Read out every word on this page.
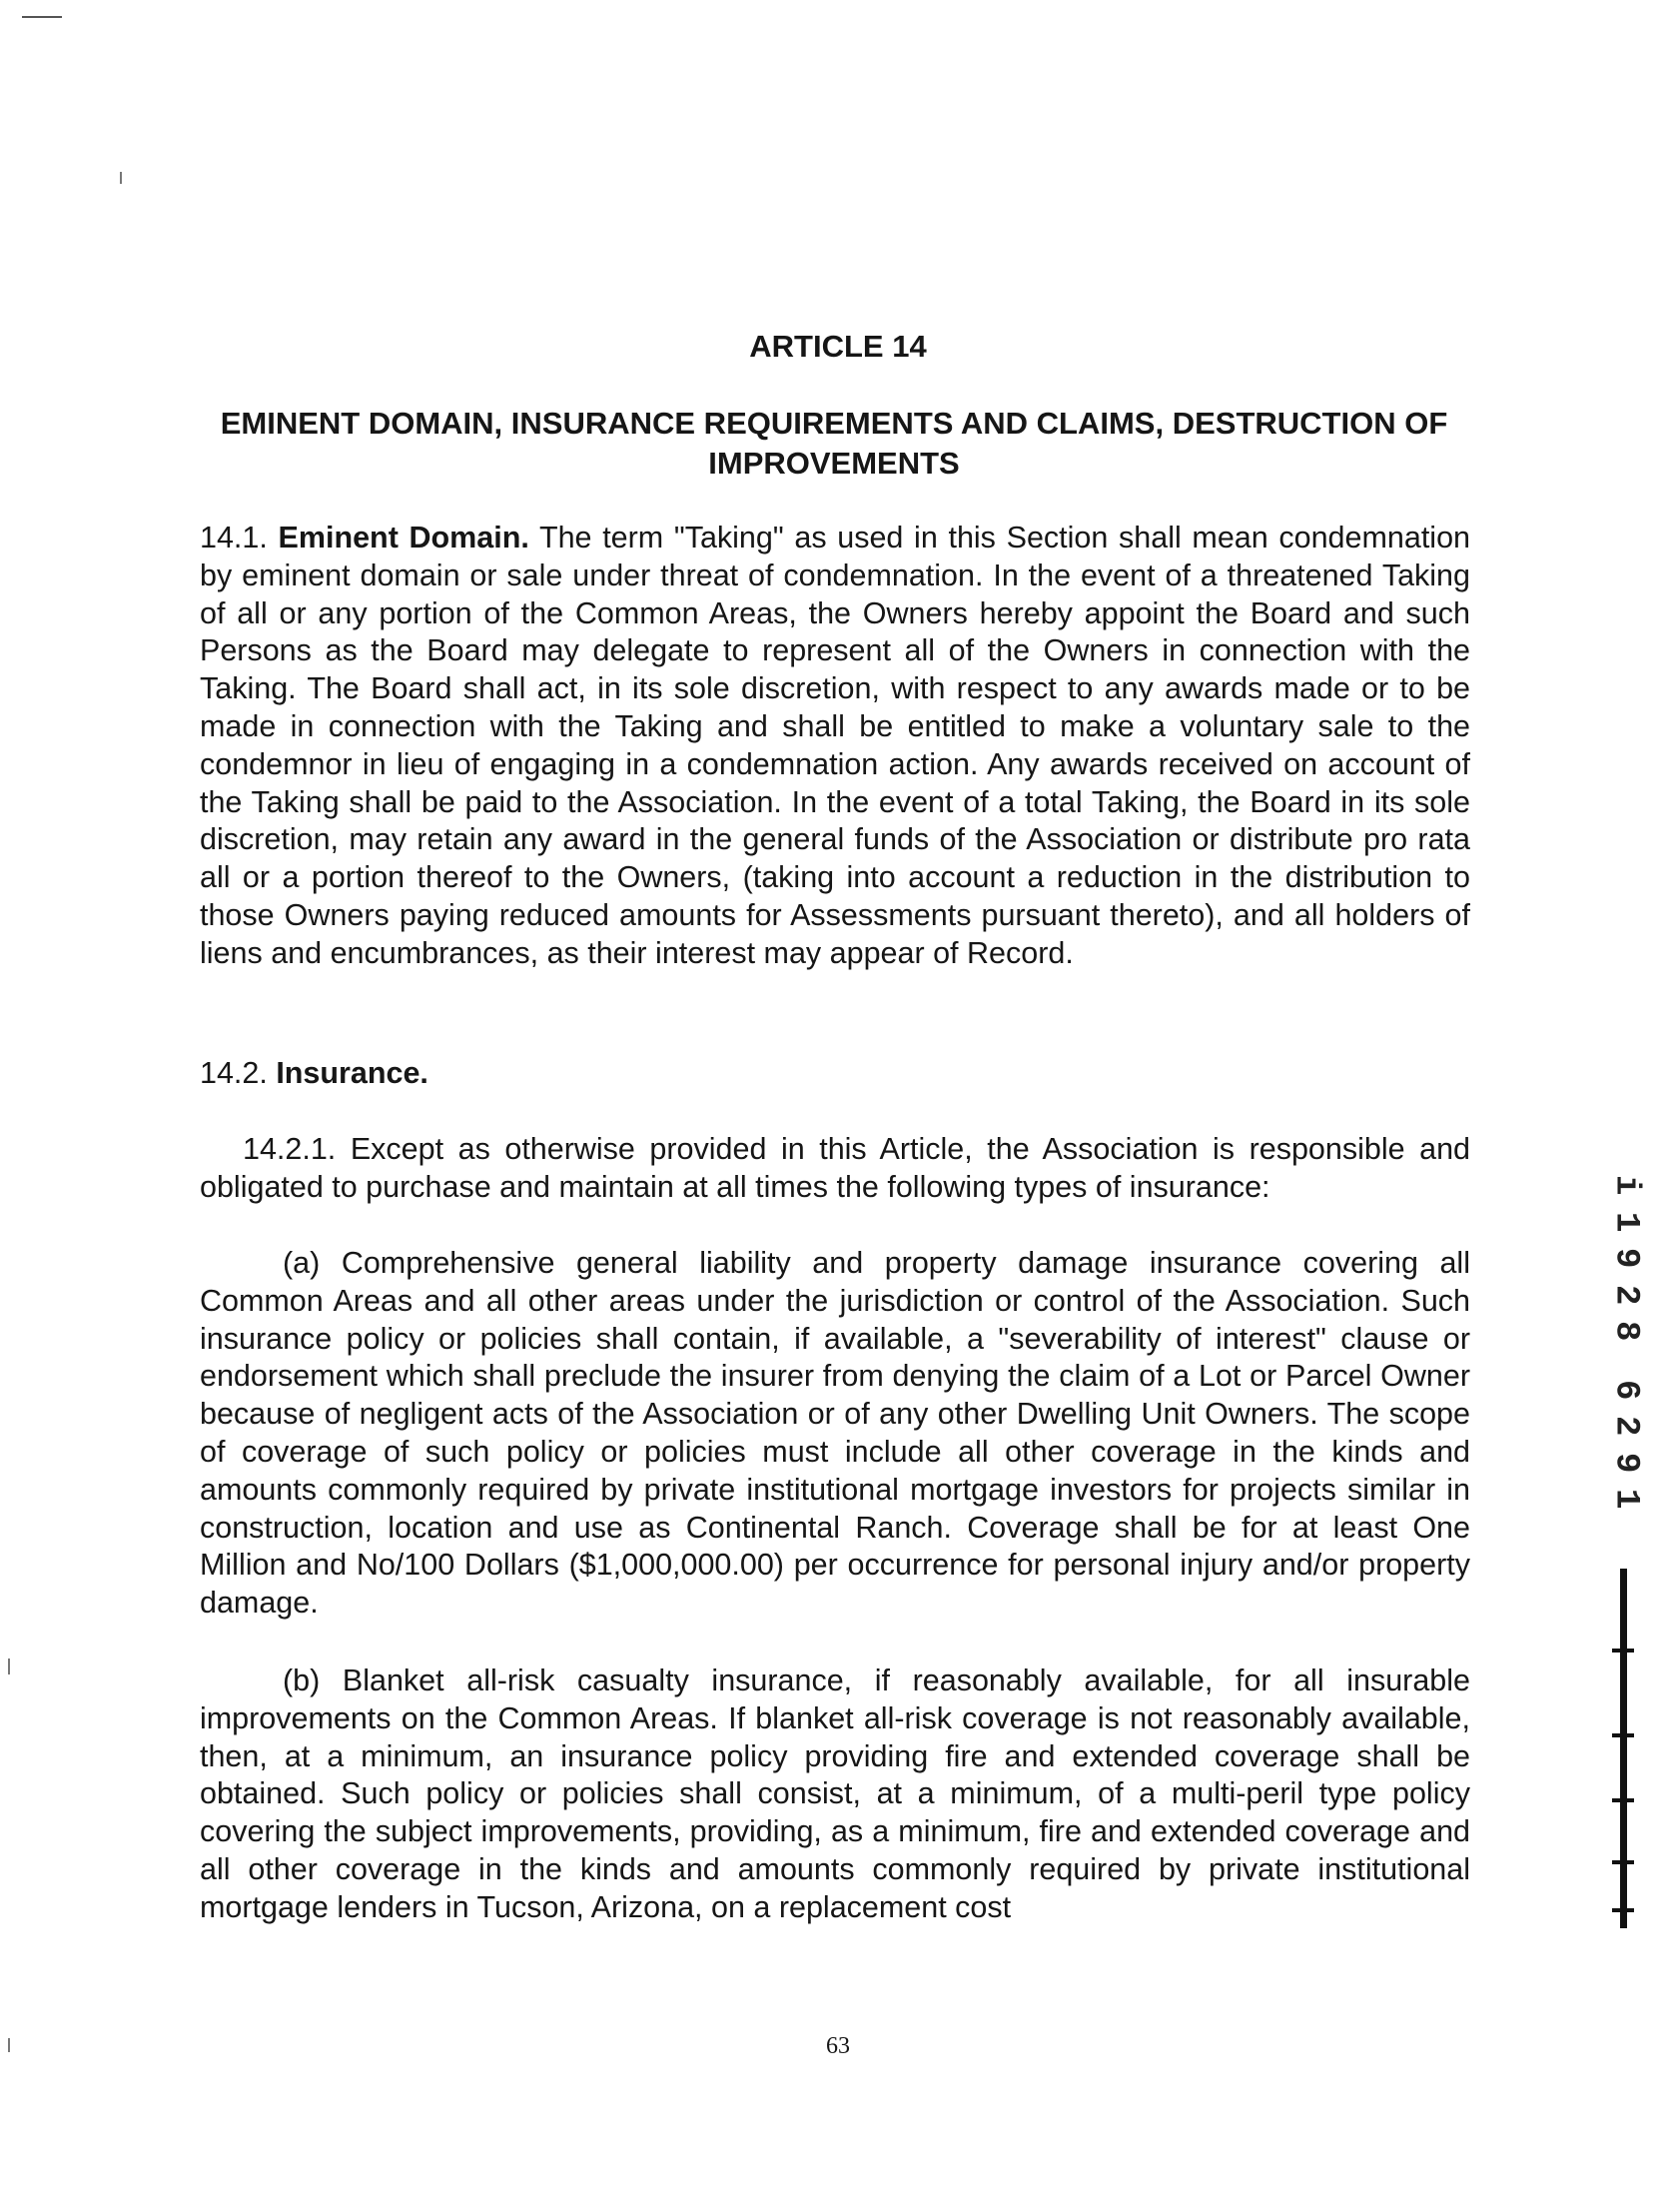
ARTICLE 14
EMINENT DOMAIN, INSURANCE REQUIREMENTS AND CLAIMS, DESTRUCTION OF IMPROVEMENTS

14.1. Eminent Domain. The term "Taking" as used in this Section shall mean condemnation by eminent domain or sale under threat of condemnation. In the event of a threatened Taking of all or any portion of the Common Areas, the Owners hereby appoint the Board and such Persons as the Board may delegate to represent all of the Owners in connection with the Taking. The Board shall act, in its sole discretion, with respect to any awards made or to be made in connection with the Taking and shall be entitled to make a voluntary sale to the condemnor in lieu of engaging in a condemnation action. Any awards received on account of the Taking shall be paid to the Association. In the event of a total Taking, the Board in its sole discretion, may retain any award in the general funds of the Association or distribute pro rata all or a portion thereof to the Owners, (taking into account a reduction in the distribution to those Owners paying reduced amounts for Assessments pursuant thereto), and all holders of liens and encumbrances, as their interest may appear of Record.

14.2. Insurance.

14.2.1. Except as otherwise provided in this Article, the Association is responsible and obligated to purchase and maintain at all times the following types of insurance:

(a) Comprehensive general liability and property damage insurance covering all Common Areas and all other areas under the jurisdiction or control of the Association. Such insurance policy or policies shall contain, if available, a "severability of interest" clause or endorsement which shall preclude the insurer from denying the claim of a Lot or Parcel Owner because of negligent acts of the Association or of any other Dwelling Unit Owners. The scope of coverage of such policy or policies must include all other coverage in the kinds and amounts commonly required by private institutional mortgage investors for projects similar in construction, location and use as Continental Ranch. Coverage shall be for at least One Million and No/100 Dollars ($1,000,000.00) per occurrence for personal injury and/or property damage.

(b) Blanket all-risk casualty insurance, if reasonably available, for all insurable improvements on the Common Areas. If blanket all-risk coverage is not reasonably available, then, at a minimum, an insurance policy providing fire and extended coverage shall be obtained. Such policy or policies shall consist, at a minimum, of a multi-peril type policy covering the subject improvements, providing, as a minimum, fire and extended coverage and all other coverage in the kinds and amounts commonly required by private institutional mortgage lenders in Tucson, Arizona, on a replacement cost

i
1
9
2
8
6
2
9
1
63
